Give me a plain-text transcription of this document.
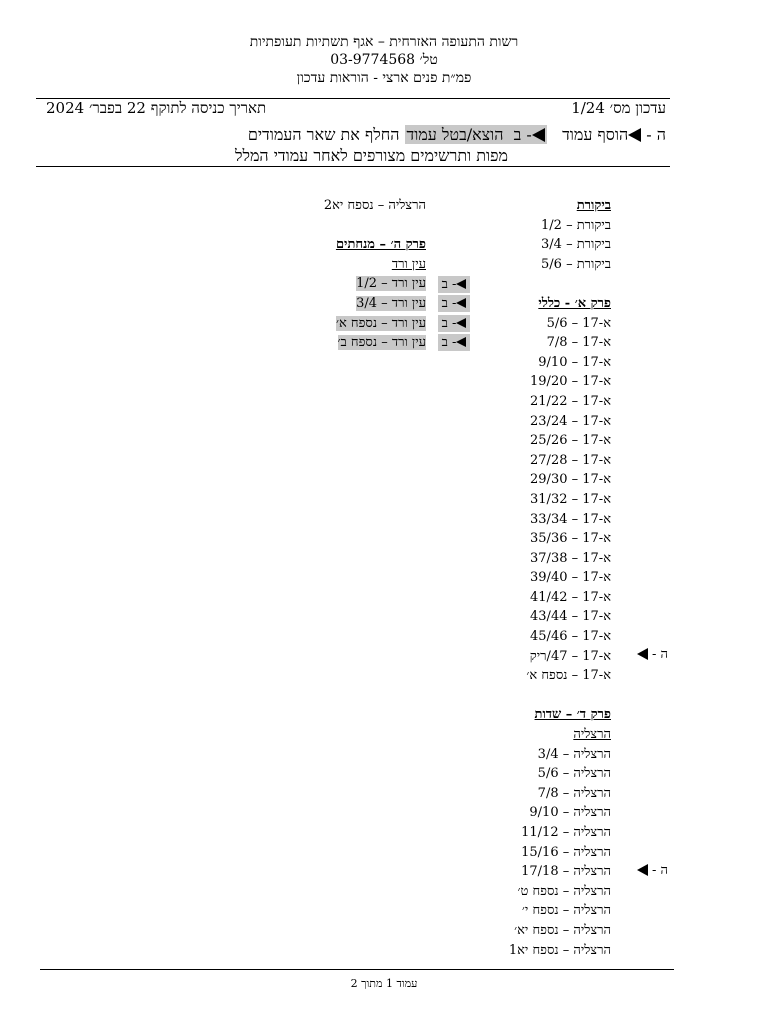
רשות התעופה האזרחית – אגף תשתיות תעופתיות
טל׳ 03-9774568
פמ״ת פנים ארצי - הוראות עדכון
עדכון מס׳ 1/24
תאריך כניסה לתוקף 22 בפבר׳ 2024
ה - הוסף עמוד   - ב  הוצא/בטל עמוד החלף את שאר העמודים
מפות ותרשימים מצורפים לאחר עמודי המלל
ביקורת
ביקורת – 1/2
ביקורת – 3/4
ביקורת – 5/6
פרק א׳ - כללי
א-17 – 5/6
א-17 – 7/8
א-17 – 9/10
א-17 – 19/20
א-17 – 21/22
א-17 – 23/24
א-17 – 25/26
א-17 – 27/28
א-17 – 29/30
א-17 – 31/32
א-17 – 33/34
א-17 – 35/36
א-17 – 37/38
א-17 – 39/40
א-17 – 41/42
א-17 – 43/44
א-17 – 45/46
א-17 – 47/ריק
א-17 – נספח א׳
פרק ד׳ – שדות
הרצליה
הרצליה – 3/4
הרצליה – 5/6
הרצליה – 7/8
הרצליה – 9/10
הרצליה – 11/12
הרצליה – 15/16
הרצליה – 17/18
הרצליה – נספח ט׳
הרצליה – נספח י׳
הרצליה – נספח יא׳
הרצליה – נספח יא1
הרצליה – נספח יא2
פרק ה׳ – מנחתים
עין ורד
עין ורד – 1/2
עין ורד – 3/4
עין ורד – נספח א׳
עין ורד – נספח ב׳
- ב
- ב
- ב
- ב
ה -
ה -
עמוד 1 מתוך 2
